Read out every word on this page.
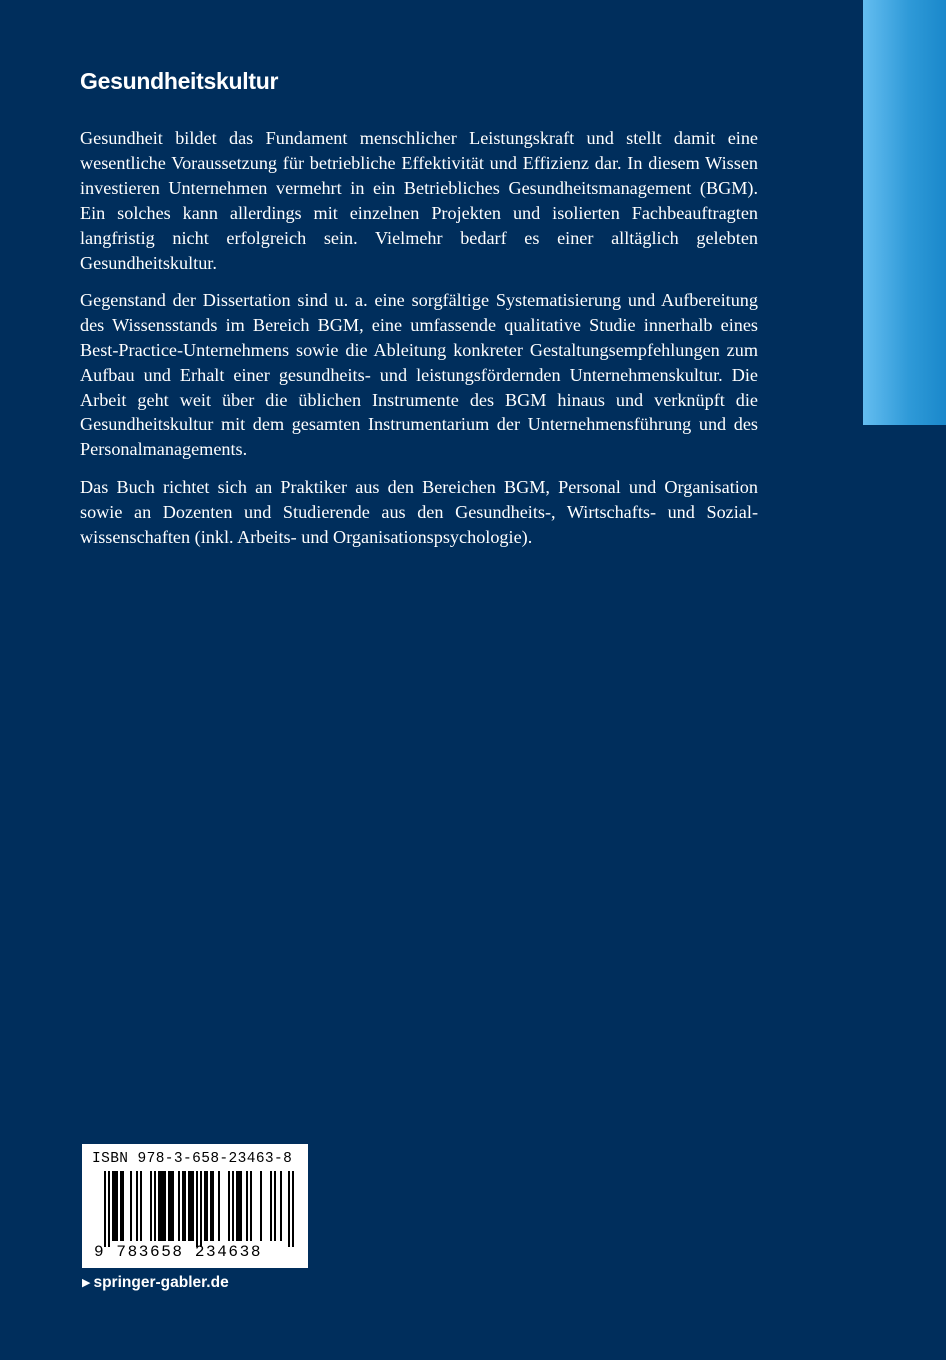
Gesundheitskultur

Gesundheit bildet das Fundament menschlicher Leistungskraft und stellt damit eine wesentliche Voraussetzung für betriebliche Effektivität und Effizienz dar. In diesem Wissen investieren Unternehmen vermehrt in ein Betriebliches Gesundheitsmanagement (BGM). Ein solches kann allerdings mit einzelnen Projekten und isolierten Fachbeauftragten langfristig nicht erfolgreich sein. Vielmehr bedarf es einer alltäglich gelebten Gesundheitskultur.

Gegenstand der Dissertation sind u. a. eine sorgfältige Systematisierung und Aufbereitung des Wissensstands im Bereich BGM, eine umfassende qualitative Studie innerhalb eines Best-Practice-Unternehmens sowie die Ableitung konkreter Gestaltungsempfehlungen zum Aufbau und Erhalt einer gesundheits- und leistungsfördernden Unternehmenskultur. Die Arbeit geht weit über die üblichen Instrumente des BGM hinaus und verknüpft die Gesundheitskultur mit dem gesamten Instrumentarium der Unternehmensführung und des Personalmanagements.

Das Buch richtet sich an Praktiker aus den Bereichen BGM, Personal und Organisation sowie an Dozenten und Studierende aus den Gesundheits-, Wirtschafts- und Sozialwissenschaften (inkl. Arbeits- und Organisationspsychologie).

ISBN 978-3-658-23463-8
9 783658 234638
▶ springer-gabler.de
